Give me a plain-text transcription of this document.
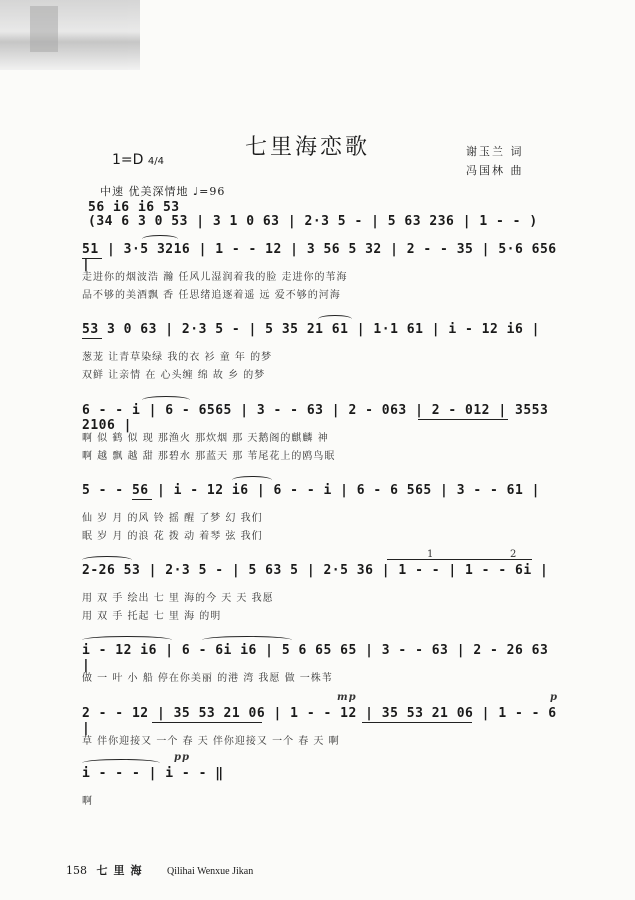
1=D 4/4
七里海恋歌	谢玉兰 词
冯国林 曲
中速 优美深情地 ♩=96
56 i6 i6 53
(34 6 3 0 53 | 3 1 0 63 | 2·3 5 - | 5 63 236 | 1 - - )
51 | 3·5 3216 | 1 - - 12 | 3 56 5 32 | 2 - - 35 | 5·6 656 |
走进你的烟波浩 瀚 任风儿湿润着我的脸 走进你的苇海
品不够的美酒飘 香 任思绪追逐着遥 远 爱不够的河海
53 3 0 63 | 2·3 5 - | 5 35 21 61 | 1·1 61 | i - 12 i6 |
葱茏 让青草染绿 我的衣 衫 童 年 的梦
双鲜 让亲情 在 心头缠 绵 故 乡 的梦
6 - - i | 6 - 6565 | 3 - - 63 | 2 - 063 | 2 - 012 | 3553 2106 |
啊 似 鹤 似 现 那渔火 那炊烟 那 天鹅阁的麒麟 神
啊 越 飘 越 甜 那碧水 那蓝天 那 苇尾花上的鸥鸟眠
5 - - 56 | i - 12 i6 | 6 - - i | 6 - 6 565 | 3 - - 61 |
仙 岁 月 的风 铃 摇 醒 了梦 幻 我们
眠 岁 月 的浪 花 拨 动 着琴 弦 我们
1	2
2-26 53 | 2·3 5 - | 5 63 5 | 2·5 36 | 1 - - | 1 - - 6i |
用 双 手 绘出 七 里 海的今 天 天 我愿
用 双 手 托起 七 里 海 的明
i - 12 i6 | 6 - 6i i6 | 5 6 65 65 | 3 - - 63 | 2 - 26 63 |
做 一 叶 小 船 停在你美丽 的港 湾 我愿 做 一株苇
mp	p
2 - - 12 | 35 53 21 06 | 1 - - 12 | 35 53 21 06 | 1 - - 6 |
草 伴你迎接又 一个 春 天 伴你迎接又 一个 春 天 啊
pp
i - - - | i - - ‖
啊
158 七里海 Qilihai Wenxue Jikan
